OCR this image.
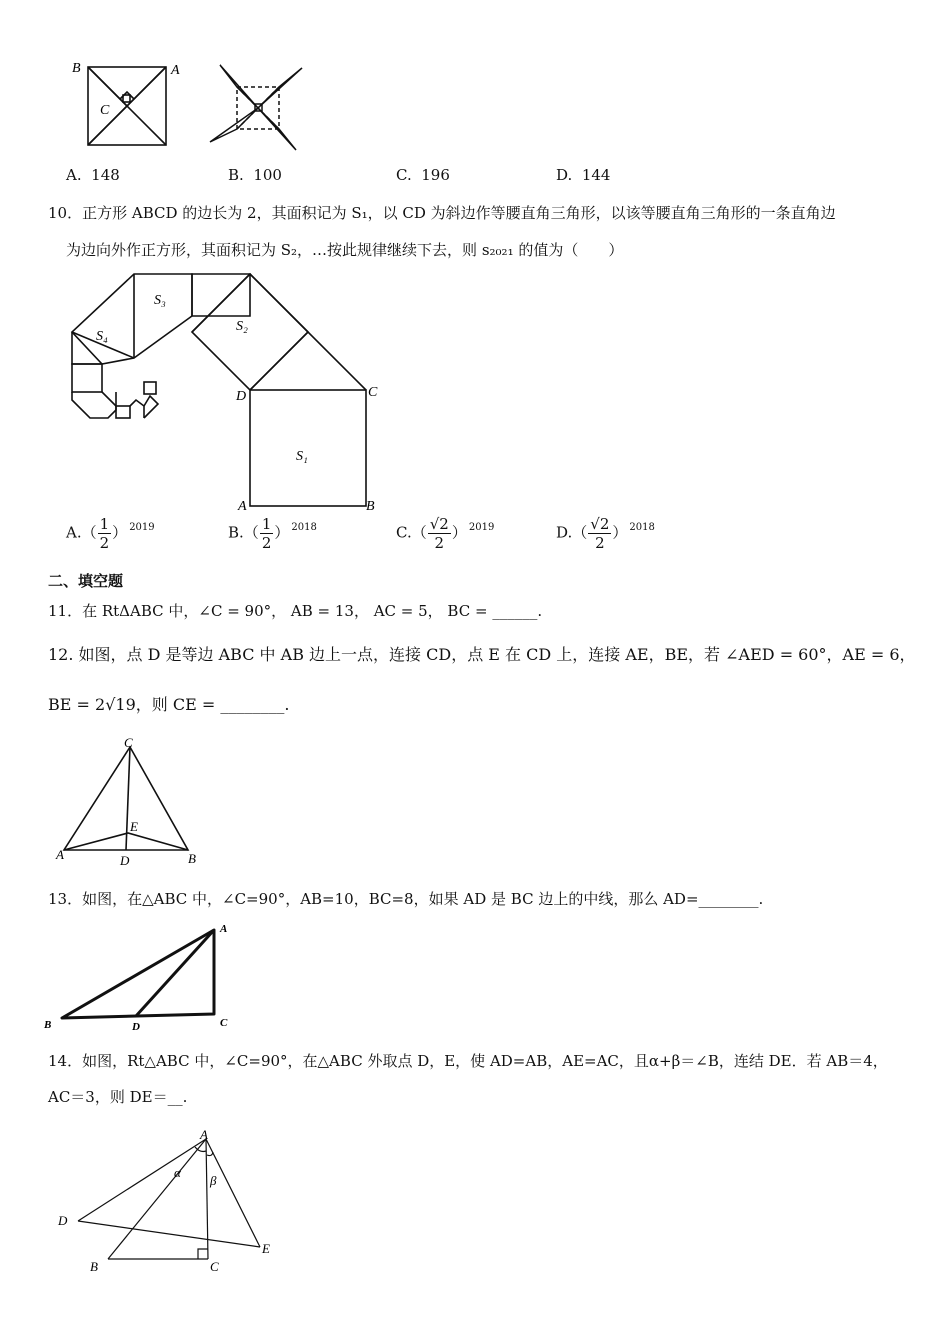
B	A
C
A. 148	B. 100	C. 196	D. 144
10．正方形 ABCD 的边长为 2，其面积记为 S₁，以 CD 为斜边作等腰直角三角形，以该等腰直角三角形的一条直角边
为边向外作正方形，其面积记为 S₂，…按此规律继续下去，则 s₂₀₂₁ 的值为（　　）
S₁
S₂
S₃
S₄
D	C
A	B
$A.( \frac{1}{2}$ ） $^{2019}$	$B.( \frac{1}{2}$ ） $^{2018}$	$C.( \frac{√2}{2}$ ） $^{2019}$	$D.( \frac{√2}{2}$ ） $^{2018}$
二、填空题
11．在 RtΔABC 中，∠C = 90°， AB = 13， AC = 5， BC = ______.
12. 如图，点 D 是等边 ABC 中 AB 边上一点，连接 CD，点 E 在 CD 上，连接 AE，BE，若 ∠AED = 60°，AE = 6，
BE = 2√19，则 CE = ________.
C
E
A	D	B
13．如图，在△ABC 中，∠C=90°，AB=10，BC=8，如果 AD 是 BC 边上的中线，那么 AD=________.
A
B	D	C
14．如图，Rt△ABC 中，∠C=90°，在△ABC 外取点 D，E，使 AD=AB，AE=AC，且α+β＝∠B，连结 DE．若 AB＝4，
AC＝3，则 DE＝__.
A
α
β
D
E
B	C
